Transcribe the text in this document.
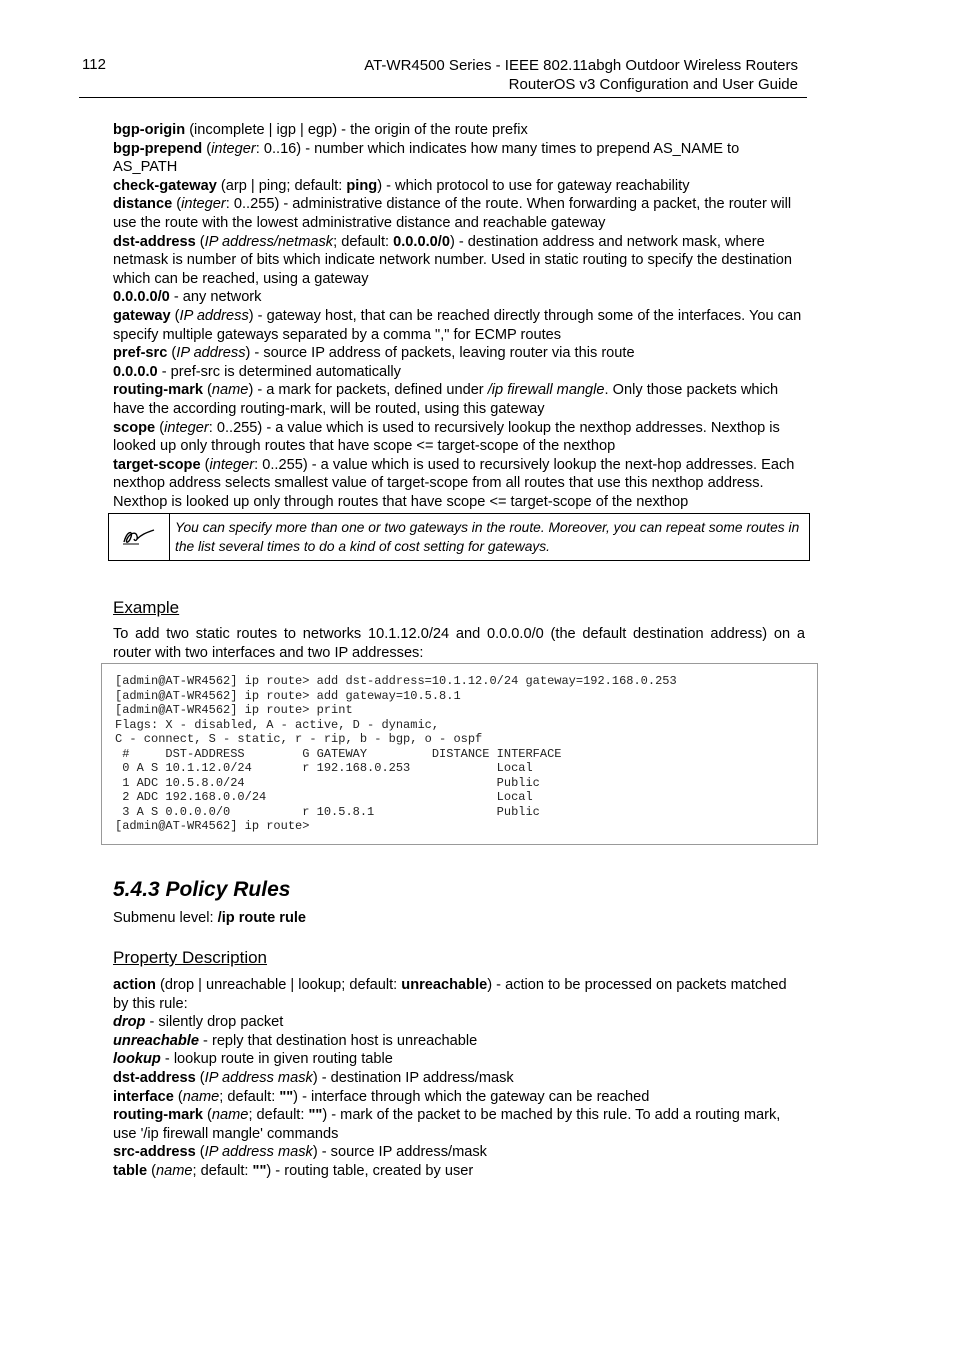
112	AT-WR4500 Series - IEEE 802.11abgh Outdoor Wireless Routers
RouterOS v3 Configuration and User Guide

bgp-origin (incomplete | igp | egp) - the origin of the route prefix

bgp-prepend (integer: 0..16) - number which indicates how many times to prepend AS_NAME to AS_PATH

check-gateway (arp | ping; default: ping) - which protocol to use for gateway reachability

distance (integer: 0..255) - administrative distance of the route. When forwarding a packet, the router will use the route with the lowest administrative distance and reachable gateway

dst-address (IP address/netmask; default: 0.0.0.0/0) - destination address and network mask, where netmask is number of bits which indicate network number. Used in static routing to specify the destination which can be reached, using a gateway

0.0.0.0/0 - any network

gateway (IP address) - gateway host, that can be reached directly through some of the interfaces. You can specify multiple gateways separated by a comma "," for ECMP routes

pref-src (IP address) - source IP address of packets, leaving router via this route

0.0.0.0 - pref-src is determined automatically

routing-mark (name) - a mark for packets, defined under /ip firewall mangle. Only those packets which have the according routing-mark, will be routed, using this gateway

scope (integer: 0..255) - a value which is used to recursively lookup the nexthop addresses. Nexthop is looked up only through routes that have scope <= target-scope of the nexthop

target-scope (integer: 0..255) - a value which is used to recursively lookup the next-hop addresses. Each nexthop address selects smallest value of target-scope from all routes that use this nexthop address. Nexthop is looked up only through routes that have scope <= target-scope of the nexthop

You can specify more than one or two gateways in the route. Moreover, you can repeat some routes in the list several times to do a kind of cost setting for gateways.
Example
To add two static routes to networks 10.1.12.0/24 and 0.0.0.0/0 (the default destination address) on a router with two interfaces and two IP addresses:
[admin@AT-WR4562] ip route> add dst-address=10.1.12.0/24 gateway=192.168.0.253
[admin@AT-WR4562] ip route> add gateway=10.5.8.1
[admin@AT-WR4562] ip route> print
Flags: X - disabled, A - active, D - dynamic,
C - connect, S - static, r - rip, b - bgp, o - ospf
#     DST-ADDRESS        G GATEWAY         DISTANCE INTERFACE
0 A S 10.1.12.0/24       r 192.168.0.253            Local
1 ADC 10.5.8.0/24                                   Public
2 ADC 192.168.0.0/24                                Local
3 A S 0.0.0.0/0          r 10.5.8.1                 Public
[admin@AT-WR4562] ip route>
5.4.3 Policy Rules
Submenu level: /ip route rule
Property Description

action (drop | unreachable | lookup; default: unreachable) - action to be processed on packets matched by this rule:

drop - silently drop packet

unreachable - reply that destination host is unreachable

lookup - lookup route in given routing table

dst-address (IP address mask) - destination IP address/mask

interface (name; default: "") - interface through which the gateway can be reached

routing-mark (name; default: "") - mark of the packet to be mached by this rule. To add a routing mark, use '/ip firewall mangle' commands

src-address (IP address mask) - source IP address/mask

table (name; default: "") - routing table, created by user
